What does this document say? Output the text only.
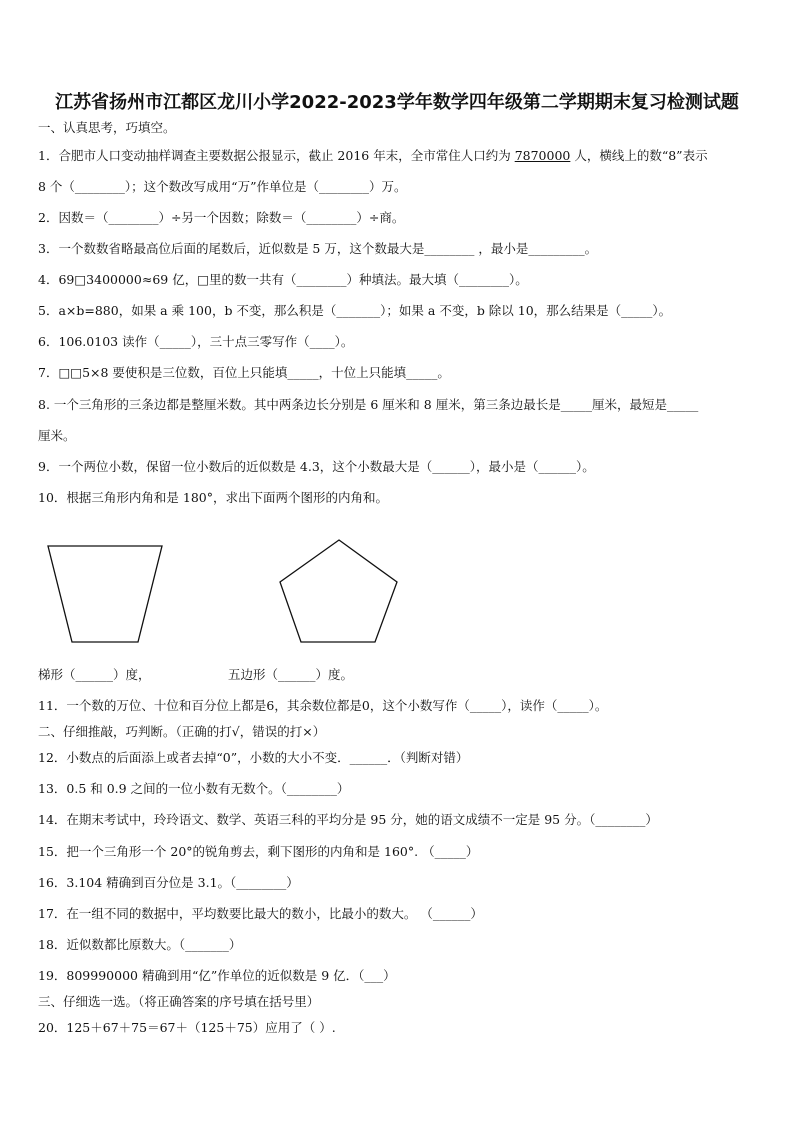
江苏省扬州市江都区龙川小学2022-2023学年数学四年级第二学期期末复习检测试题
一、认真思考，巧填空。
1．合肥市人口变动抽样调查主要数据公报显示，截止 2016 年末，全市常住人口约为 7870000 人，横线上的数“8”表示
8 个（________）；这个数改写成用“万”作单位是（________）万。
2．因数＝（________）÷另一个因数；除数＝（________）÷商。
3．一个数数省略最高位后面的尾数后，近似数是 5 万，这个数最大是________ ，最小是_________。
4．69□3400000≈69 亿，□里的数一共有（________）种填法。最大填（________）。
5．a×b=880，如果 a 乘 100，b 不变，那么积是（_______）；如果 a 不变，b 除以 10，那么结果是（_____）。
6．106.0103 读作（_____），三十点三零写作（____）。
7．□□5×8 要使积是三位数，百位上只能填_____，十位上只能填_____。
8. 一个三角形的三条边都是整厘米数。其中两条边长分别是 6 厘米和 8 厘米，第三条边最长是_____厘米，最短是_____
厘米。
9．一个两位小数，保留一位小数后的近似数是 4.3，这个小数最大是（______），最小是（______）。
10．根据三角形内角和是 180°，求出下面两个图形的内角和。
梯形（______）度，	五边形（______）度。
11．一个数的万位、十位和百分位上都是6，其余数位都是0，这个小数写作（_____），读作（_____）。
二、仔细推敲，巧判断。（正确的打√，错误的打×）
12．小数点的后面添上或者去掉“0”，小数的大小不变．______．（判断对错）
13．0.5 和 0.9 之间的一位小数有无数个。（________）
14．在期末考试中，玲玲语文、数学、英语三科的平均分是 95 分，她的语文成绩不一定是 95 分。（________）
15．把一个三角形一个 20°的锐角剪去，剩下图形的内角和是 160°. （_____）
16．3.104 精确到百分位是 3.1。（________）
17．在一组不同的数据中，平均数要比最大的数小，比最小的数大。 （______）
18．近似数都比原数大。（_______）
19．809990000 精确到用“亿”作单位的近似数是 9 亿．（___）
三、仔细选一选。（将正确答案的序号填在括号里）
20．125＋67＋75＝67＋（125＋75）应用了（ ）.
